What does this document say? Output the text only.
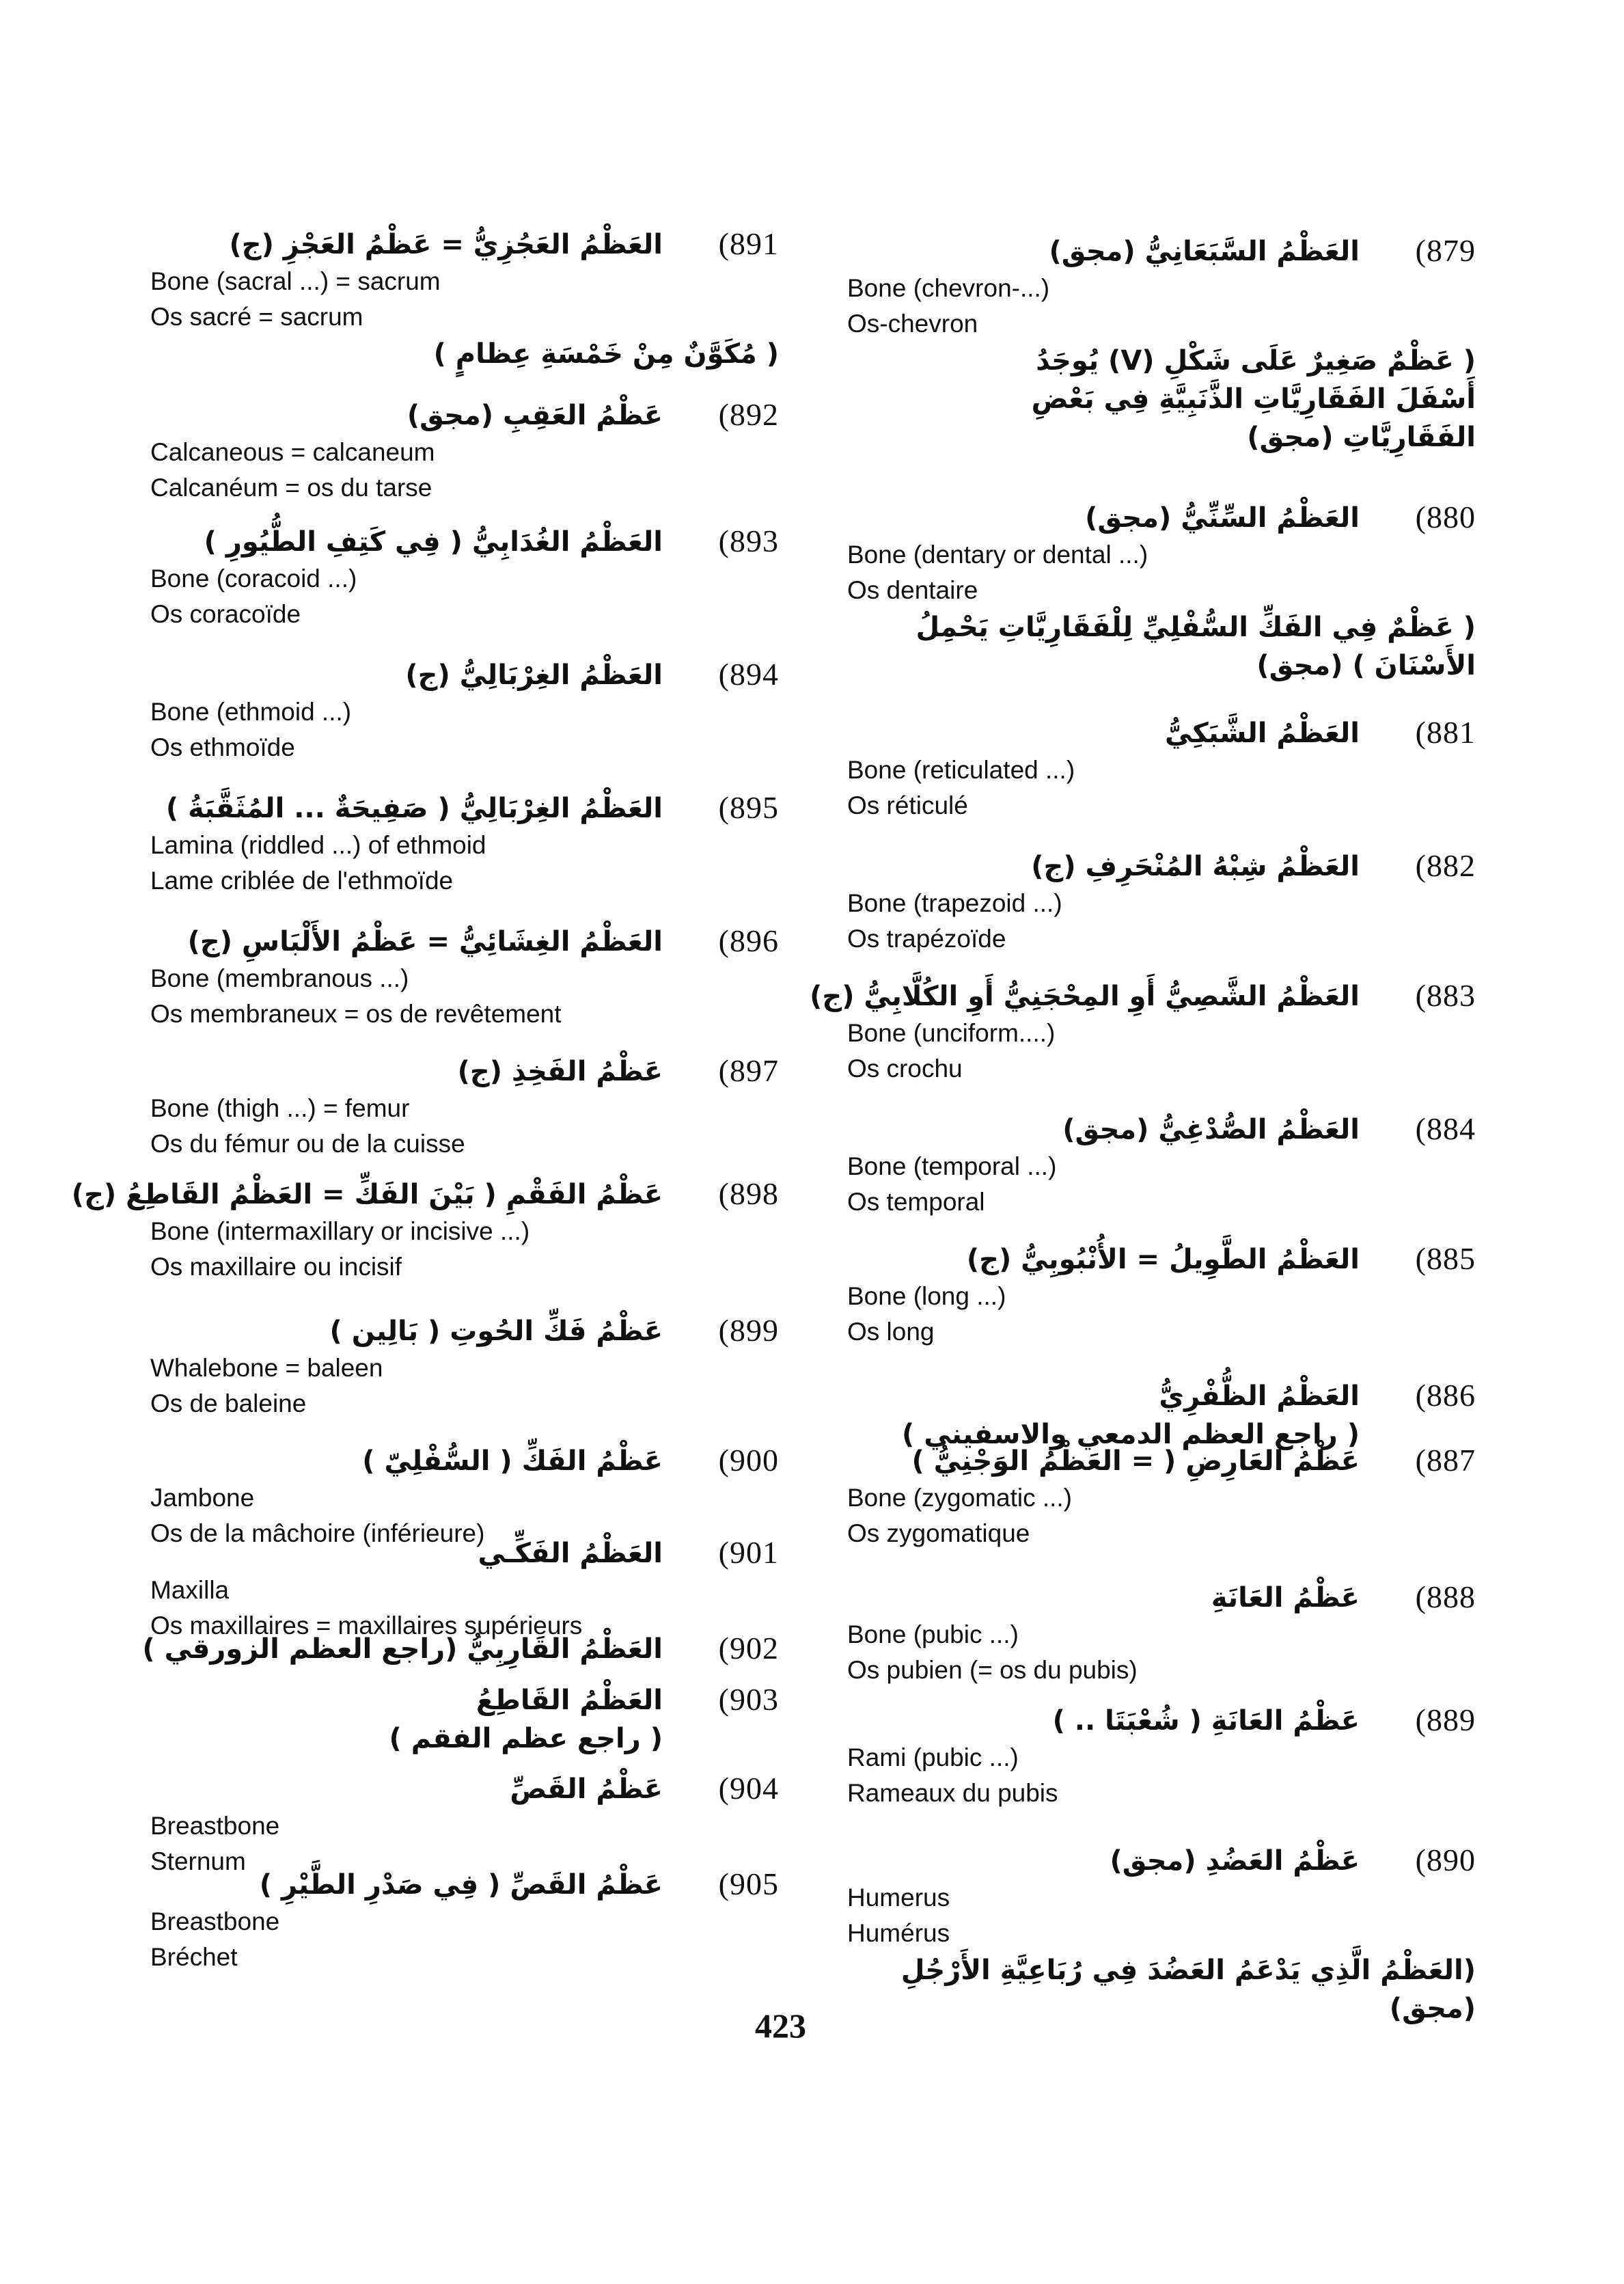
(891
العَظْمُ العَجُزِيُّ = عَظْمُ العَجْزِ (ج)
Bone (sacral ...) = sacrum
Os sacré = sacrum
( مُكَوَّنٌ مِنْ خَمْسَةِ عِظامٍ )
(892
عَظْمُ العَقِبِ (مجق)
Calcaneous = calcaneum
Calcanéum = os du tarse
(893
العَظْمُ الغُدَابِيُّ ( فِي كَتِفِ الطُّيُورِ )
Bone (coracoid ...)
Os coracoïde
(894
العَظْمُ الغِرْبَالِيُّ (ج)
Bone (ethmoid ...)
Os ethmoïde
(895
العَظْمُ الغِرْبَالِيُّ ( صَفِيحَةٌ ... المُثَقَّبَةُ )
Lamina (riddled ...) of ethmoid
Lame criblée de l'ethmoïde
(896
العَظْمُ الغِشَائِيُّ = عَظْمُ الأَلْبَاسِ (ج)
Bone (membranous ...)
Os membraneux = os de revêtement
(897
عَظْمُ الفَخِذِ (ج)
Bone (thigh ...) = femur
Os du fémur ou de la cuisse
(898
عَظْمُ الفَقْمِ ( بَيْنَ الفَكِّ = العَظْمُ القَاطِعُ (ج)
Bone (intermaxillary or incisive ...)
Os maxillaire ou incisif
(899
عَظْمُ فَكِّ الحُوتِ ( بَالِين )
Whalebone = baleen
Os de baleine
(900
عَظْمُ الفَكِّ ( السُّفْلِيّ )
Jambone
Os de la mâchoire (inférieure)
(901
العَظْمُ الفَكِّـي
Maxilla
Os maxillaires = maxillaires supérieurs
(902
العَظْمُ القَارِبِيُّ (راجع العظم الزورقي )
(903
العَظْمُ القَاطِعُ
( راجع عظم الفقم )
(904
عَظْمُ القَصِّ
Breastbone
Sternum
(905
عَظْمُ القَصِّ ( فِي صَدْرِ الطَّيْرِ )
Breastbone
Bréchet
(879
العَظْمُ السَّبَعَانِيُّ (مجق)
Bone (chevron-...)
Os-chevron
( عَظْمٌ صَغِيرٌ عَلَى شَكْلِ (V) يُوجَدُ
أَسْفَلَ الفَقَارِيَّاتِ الذَّنَبِيَّةِ فِي بَعْضِ
الفَقَارِيَّاتِ (مجق)
(880
العَظْمُ السِّنِّيُّ (مجق)
Bone (dentary or dental ...)
Os dentaire
( عَظْمٌ فِي الفَكِّ السُّفْلِيِّ لِلْفَقَارِيَّاتِ يَحْمِلُ
الأَسْنَانَ ) (مجق)
(881
العَظْمُ الشَّبَكِيُّ
Bone (reticulated ...)
Os réticulé
(882
العَظْمُ شِبْهُ المُنْحَرِفِ (ج)
Bone (trapezoid ...)
Os trapézoïde
(883
العَظْمُ الشَّصِيُّ أَوِ المِحْجَنِيُّ أَوِ الكُلَّابِيُّ (ج)
Bone (unciform....)
Os crochu
(884
العَظْمُ الصُّدْغِيُّ (مجق)
Bone (temporal ...)
Os temporal
(885
العَظْمُ الطَّوِيلُ = الأُنْبُوبِيُّ (ج)
Bone (long ...)
Os long
(886
العَظْمُ الظُّفْرِيُّ
( راجع العظم الدمعي والاسفيني )
(887
عَظْمُ العَارِضِ ( = العَظْمُ الوَجْنِيُّ )
Bone (zygomatic ...)
Os zygomatique
(888
عَظْمُ العَانَةِ
Bone (pubic ...)
Os pubien (= os du pubis)
(889
عَظْمُ العَانَةِ ( شُعْبَتَا .. )
Rami (pubic ...)
Rameaux du pubis
(890
عَظْمُ العَضُدِ (مجق)
Humerus
Humérus
(العَظْمُ الَّذِي يَدْعَمُ العَضُدَ فِي رُبَاعِيَّةِ الأَرْجُلِ
(مجق)
423
